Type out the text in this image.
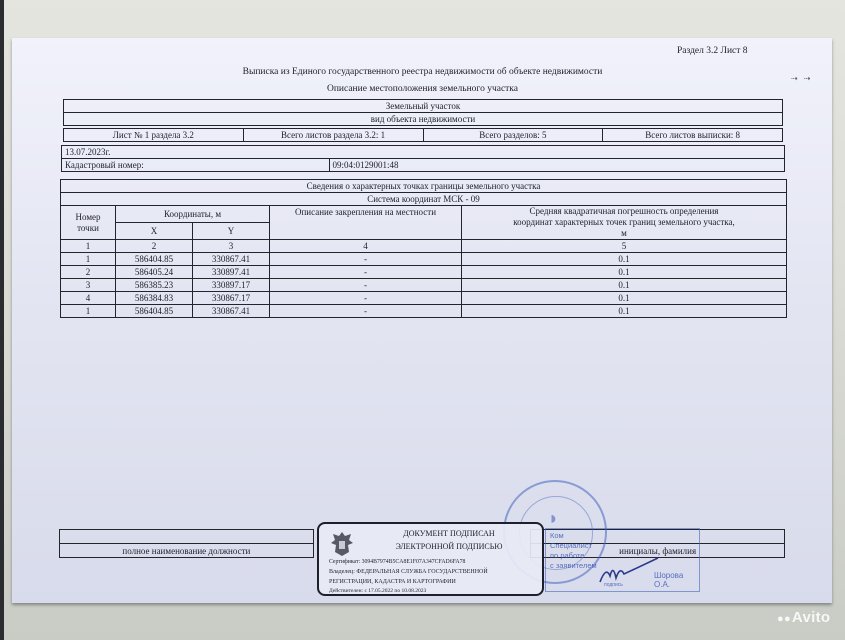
Раздел 3.2 Лист 8
⇢ ⇢
Выписка из Единого государственного реестра недвижимости об объекте недвижимости
Описание местоположения земельного участка
Земельный участок
вид объекта недвижимости
Лист № 1 раздела 3.2	Всего листов раздела 3.2: 1	Всего разделов: 5	Всего листов выписки: 8
13.07.2023г.
Кадастровый номер:	09:04:0129001:48
Сведения о характерных точках границы земельного участка				
Система координат МСК - 09				
Номер точки	Координаты, м		Описание закрепления на местности	Средняя квадратичная погрешность определения координат характерных точек границ земельного участка, м
	X	Y		
1	2	3	4	5
1	586404.85	330867.41	-	0.1
2	586405.24	330897.41	-	0.1
3	586385.23	330897.17	-	0.1
4	586384.83	330867.17	-	0.1
1	586404.85	330867.41	-	0.1

полное наименование должности		инициалы, фамилия
◗
ДОКУМЕНТ ПОДПИСАН
ЭЛЕКТРОННОЙ ПОДПИСЬЮ
Сертификат: 3094B7974B5CA8E1F07A347CFAD6FA78
Владелец: ФЕДЕРАЛЬНАЯ СЛУЖБА ГОСУДАРСТВЕННОЙ
РЕГИСТРАЦИИ, КАДАСТРА И КАРТОГРАФИИ
Действителен: с 17.05.2022 по 10.08.2023
Ком
Специалист
по работе
с заявителем
Шорова О.А.
подпись
●●Avito
